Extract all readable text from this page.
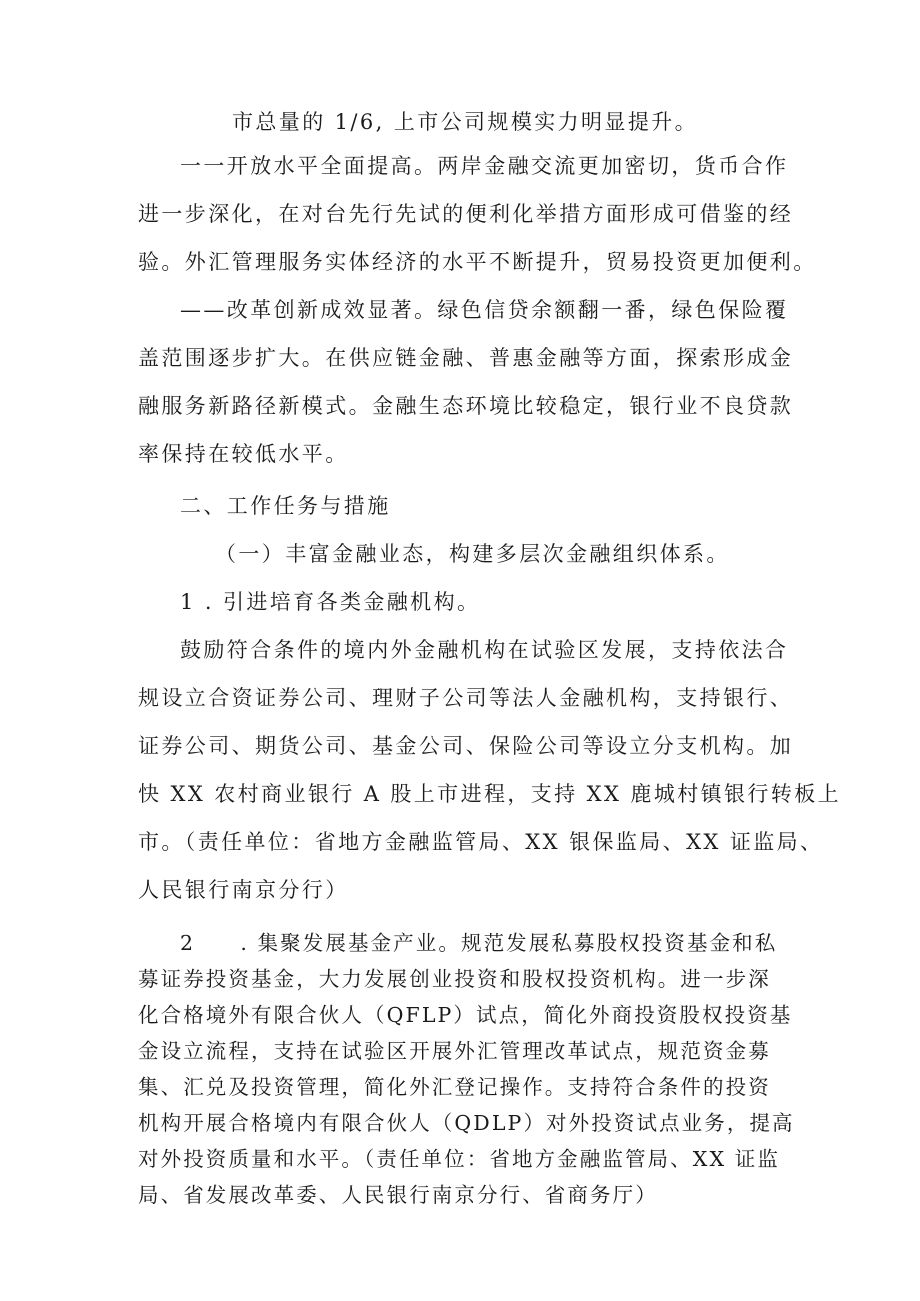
市总量的 1/6, 上市公司规模实力明显提升。
一一开放水平全面提高。两岸金融交流更加密切，货币合作
进一步深化，在对台先行先试的便利化举措方面形成可借鉴的经
验。外汇管理服务实体经济的水平不断提升，贸易投资更加便利。
——改革创新成效显著。绿色信贷余额翻一番，绿色保险覆
盖范围逐步扩大。在供应链金融、普惠金融等方面，探索形成金
融服务新路径新模式。金融生态环境比较稳定，银行业不良贷款
率保持在较低水平。
二、工作任务与措施
（一）丰富金融业态，构建多层次金融组织体系。
1 . 引进培育各类金融机构。
鼓励符合条件的境内外金融机构在试验区发展，支持依法合
规设立合资证券公司、理财子公司等法人金融机构，支持银行、
证券公司、期货公司、基金公司、保险公司等设立分支机构。加
快 XX 农村商业银行 A 股上市进程，支持 XX 鹿城村镇银行转板上
市。（责任单位：省地方金融监管局、XX 银保监局、XX 证监局、
人民银行南京分行）
2　　. 集聚发展基金产业。规范发展私募股权投资基金和私
募证券投资基金，大力发展创业投资和股权投资机构。进一步深
化合格境外有限合伙人（QFLP）试点，简化外商投资股权投资基
金设立流程，支持在试验区开展外汇管理改革试点，规范资金募
集、汇兑及投资管理，简化外汇登记操作。支持符合条件的投资
机构开展合格境内有限合伙人（QDLP）对外投资试点业务，提高
对外投资质量和水平。（责任单位：省地方金融监管局、XX 证监
局、省发展改革委、人民银行南京分行、省商务厅）
